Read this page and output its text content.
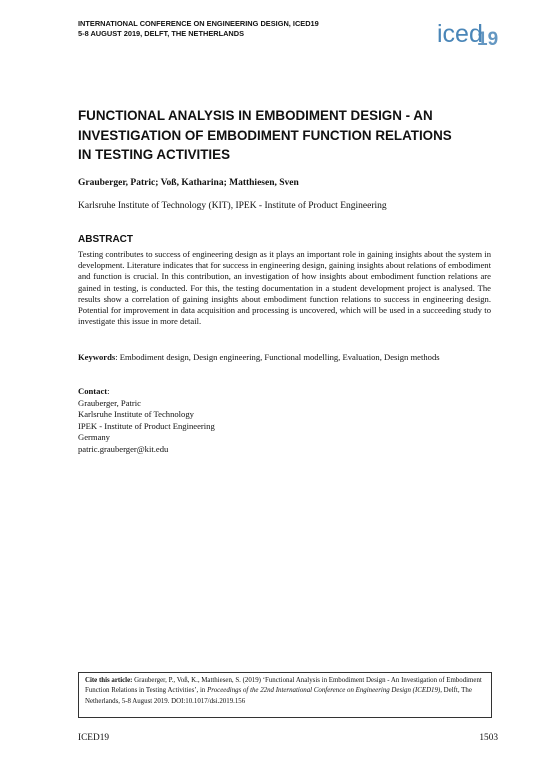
INTERNATIONAL CONFERENCE ON ENGINEERING DESIGN, ICED19
5-8 AUGUST 2019, DELFT, THE NETHERLANDS	iced
19
FUNCTIONAL ANALYSIS IN EMBODIMENT DESIGN - AN
INVESTIGATION OF EMBODIMENT FUNCTION RELATIONS
IN TESTING ACTIVITIES
Grauberger, Patric; Voß, Katharina; Matthiesen, Sven
Karlsruhe Institute of Technology (KIT), IPEK - Institute of Product Engineering
ABSTRACT

Testing contributes to success of engineering design as it plays an important role in gaining insights about the system in development. Literature indicates that for success in engineering design, gaining insights about relations of embodiment and function is crucial. In this contribution, an investigation of how insights about embodiment function relations are gained in testing, is conducted. For this, the testing documentation in a student development project is analysed. The results show a correlation of gaining insights about embodiment function relations to success in engineering design. Potential for improvement in data acquisition and processing is uncovered, which will be used in a succeeding study to investigate this issue in more detail.

Keywords: Embodiment design, Design engineering, Functional modelling, Evaluation, Design methods
Contact:
Grauberger, Patric
Karlsruhe Institute of Technology
IPEK - Institute of Product Engineering
Germany
patric.grauberger@kit.edu
Cite this article: Grauberger, P., Voß, K., Matthiesen, S. (2019) ‘Functional Analysis in Embodiment Design - An Investigation of Embodiment Function Relations in Testing Activities’, in Proceedings of the 22nd International Conference on Engineering Design (ICED19), Delft, The Netherlands, 5-8 August 2019. DOI:10.1017/dsi.2019.156
ICED19	1503
